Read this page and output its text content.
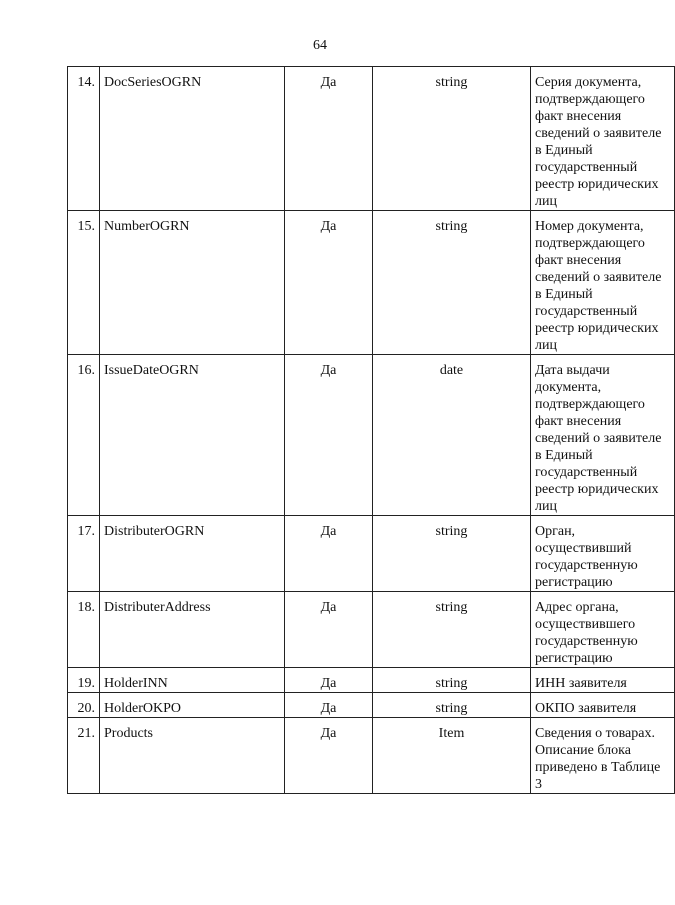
64
14.	DocSeriesOGRN	Да	string	Серия документа, подтверждающего факт внесения сведений о заявителе в Единый государственный реестр юридических лиц
15.	NumberOGRN	Да	string	Номер документа, подтверждающего факт внесения сведений о заявителе в Единый государственный реестр юридических лиц
16.	IssueDateOGRN	Да	date	Дата выдачи документа, подтверждающего факт внесения сведений о заявителе в Единый государственный реестр юридических лиц
17.	DistributerOGRN	Да	string	Орган, осуществивший государственную регистрацию
18.	DistributerAddress	Да	string	Адрес органа, осуществившего государственную регистрацию
19.	HolderINN	Да	string	ИНН заявителя
20.	HolderOKPO	Да	string	ОКПО заявителя
21.	Products	Да	Item	Сведения о товарах. Описание блока приведено в Таблице 3
